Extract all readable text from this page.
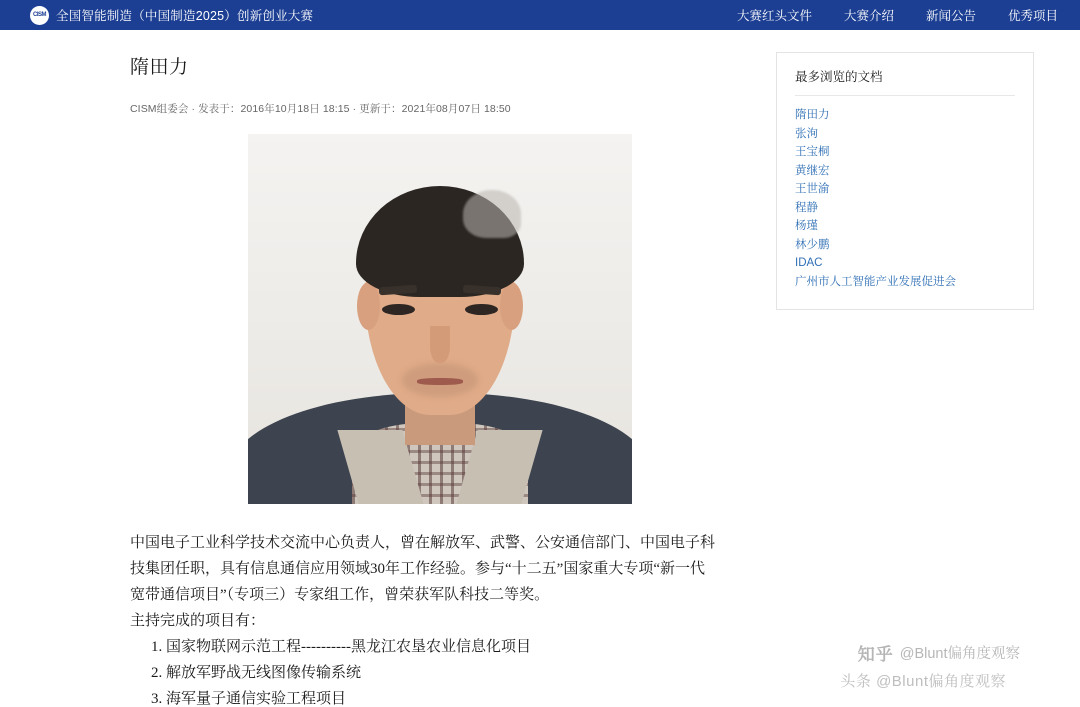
CISM 全国智能制造（中国制造2025）创新创业大赛	大赛红头文件	大赛介绍	新闻公告	优秀项目
隋田力
CISM组委会 · 发表于：2016年10月18日 18:15 · 更新于：2021年08月07日 18:50

中国电子工业科学技术交流中心负责人，曾在解放军、武警、公安通信部门、中国电子科技集团任职，具有信息通信应用领域30年工作经验。参与“十二五”国家重大专项“新一代宽带通信项目”（专项三）专家组工作，曾荣获军队科技二等奖。

主持完成的项目有：

1. 国家物联网示范工程----------黑龙江农垦农业信息化项目
2. 解放军野战无线图像传输系统
3. 海军量子通信实验工程项目
最多浏览的文档
隋田力
张洵
王宝桐
黄继宏
王世渝
程静
杨瑾
林少鹏
IDAC
广州市人工智能产业发展促进会
知乎 @Blunt偏角度观察
头条 @Blunt偏角度观察
